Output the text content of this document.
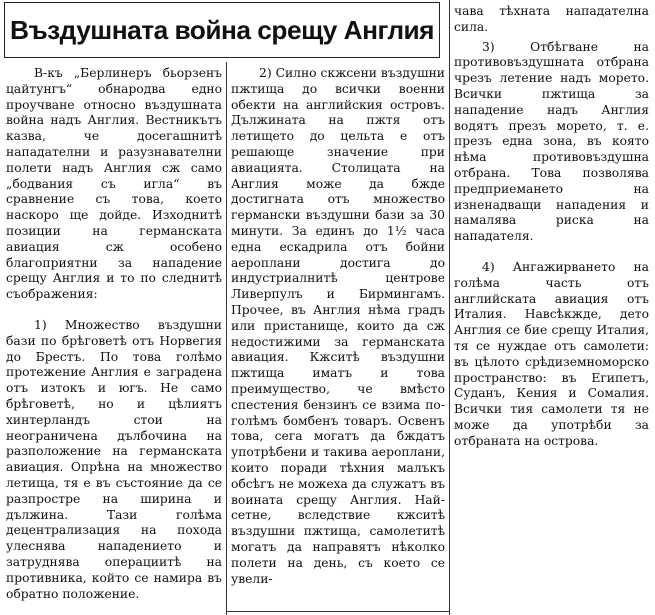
Въздушната война срещу Англия

В-къ „Берлинеръ бьорзенъ цайтунгъ“ обнародва едно проучване относно въздушната война надъ Англия. Вестникътъ казва, че досегашнитѣ нападателни и разузнавателни полети надъ Англия сж само „бодвания съ игла“ въ сравнение съ това, което наскоро ще дойде. Изходнитѣ позиции на германската авиация сж особено благоприятни за нападение срещу Англия и то по следнитѣ съображения:

1) Множество въздушни бази по брѣговетѣ отъ Норвегия до Брестъ. По това голѣмо протежение Англия е заградена отъ изтокъ и югъ. Не само брѣговетѣ, но и цѣлиятъ хинтерландъ стои на неограничена дълбочина на разположение на германската авиация. Опрѣна на множество летища, тя е въ състояние да се разпростре на ширина и дължина. Тази голѣма децентрализация на похода улеснява нападението и затруднява операциитѣ на противника, който се намира въ обратно положение.

2) Силно скжсени въздушни пжтища до всички военни обекти на английския островъ. Дължината на пжтя отъ летището до цельта е отъ решающе значение при авиацията. Столицата на Англия може да бжде достигната отъ множество германски въздушни бази за 30 минути. За единъ до 1½ часа една ескадрила отъ бойни аероплани достига до индустриалнитѣ центрове Ливерпулъ и Бирмингамъ. Прочее, въ Англия нѣма градъ или пристанище, които да сж недостижими за германската авиация. Кжситѣ въздушни пжтища иматъ и това преимущество, че вмѣсто спестения бензинъ се взима по-голѣмъ бомбенъ товаръ. Освенъ това, сега могатъ да бждатъ употрѣбени и такива аероплани, които поради тѣхния малъкъ обсѣгъ не можеха да служатъ въ воината срещу Англия. Най-сетне, вследствие кжситѣ въздушни пжтища, самолетитѣ могатъ да направятъ нѣколко полети на день, съ което се увели-

чава тѣхната нападателна сила.

3) Отбѣгване на противовъздушната отбрана чрезъ летение надъ морето. Всички пжтища за нападение надъ Англия водятъ презъ морето, т. е. презъ една зона, въ която нѣма противовъздушна отбрана. Това позволява предприемането на изненадващи нападения и намалява риска на нападателя.

4) Ангажирването на голѣма часть отъ английската авиация отъ Италия. Навсѣкжде, дето Англия се бие срещу Италия, тя се нуждае отъ самолети: въ цѣлото срѣдиземноморско пространство: въ Египетъ, Суданъ, Кения и Сомалия. Всички тия самолети тя не може да употрѣби за отбраната на острова.
